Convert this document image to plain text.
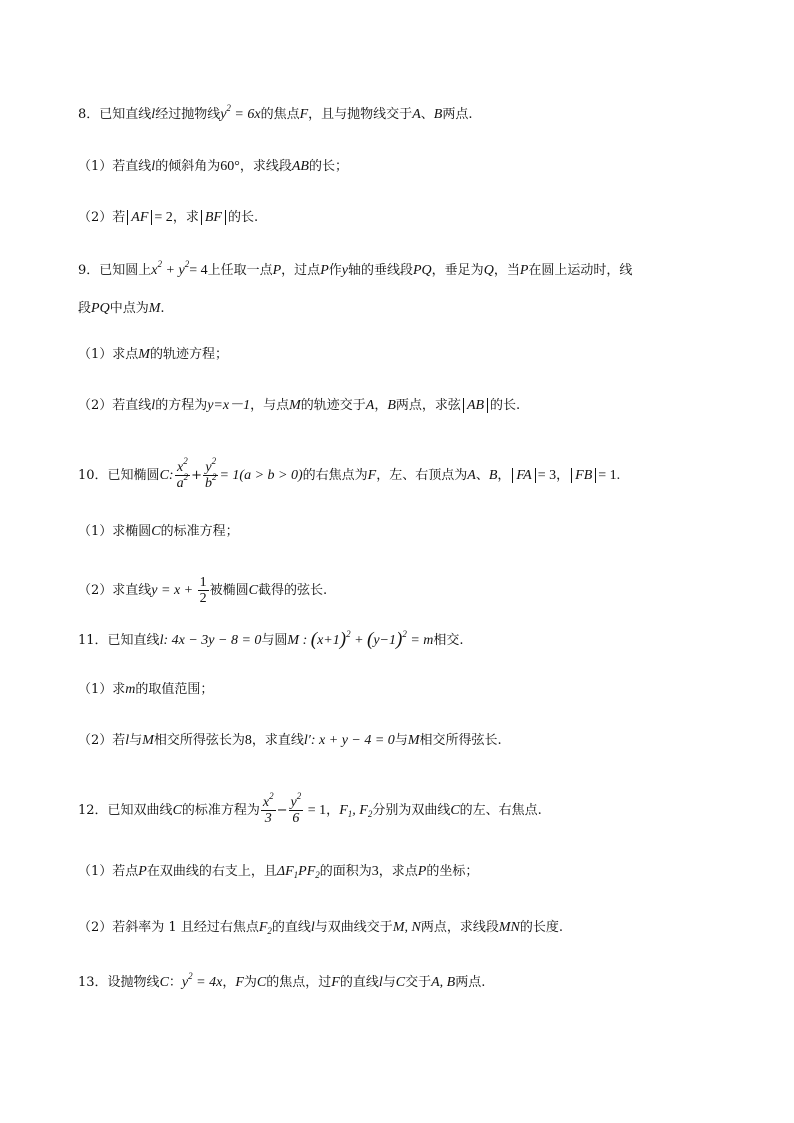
8．已知直线l经过抛物线$y^2 = 6x$的焦点F，且与抛物线交于A、B两点.
（1）若直线l的倾斜角为60°，求线段AB的长；
（2）若 AF = 2，求 BF 的长.
9．已知圆上$x^2 + y^2= 4$上任取一点P，过点P作y轴的垂线段PQ，垂足为Q，当P在圆上运动时，线
段PQ中点为M.
（1）求点M的轨迹方程；
（2）若直线l的方程为y=x－1，与点M的轨迹交于A，B两点，求弦 AB 的长.
10．已知椭圆C: $\frac{x^2}{a^2} + \frac{y^2}{b^2} = 1(a > b > 0)$的右焦点为F，左、右顶点为A、B， FA = 3， FB = 1.
（1）求椭圆C的标准方程；
（2）求直线$y = x + \frac{1}{2}$ 被椭圆C截得的弦长.
11．已知直线l: 4x − 3y − 8 = 0与圆M : $(x+1)^2 + (y-1)^2 = m$相交.
（1）求m的取值范围；
（2）若l与M相交所得弦长为8，求直线l′: x + y − 4 = 0与M相交所得弦长.
12．已知双曲线C的标准方程为 $\frac{x^2}{3} - \frac{y^2}{6} = 1$，$F_1$, $F_2$分别为双曲线C的左、右焦点.
（1）若点P在双曲线的右支上，且$\Delta F_1PF_2$的面积为3，求点P的坐标；
（2）若斜率为 1 且经过右焦点$F_2$的直线l与双曲线交于M, N两点，求线段MN的长度.
13．设抛物线C：$y^2 = 4x$，F为C的焦点，过F的直线l与C交于A, B两点.
